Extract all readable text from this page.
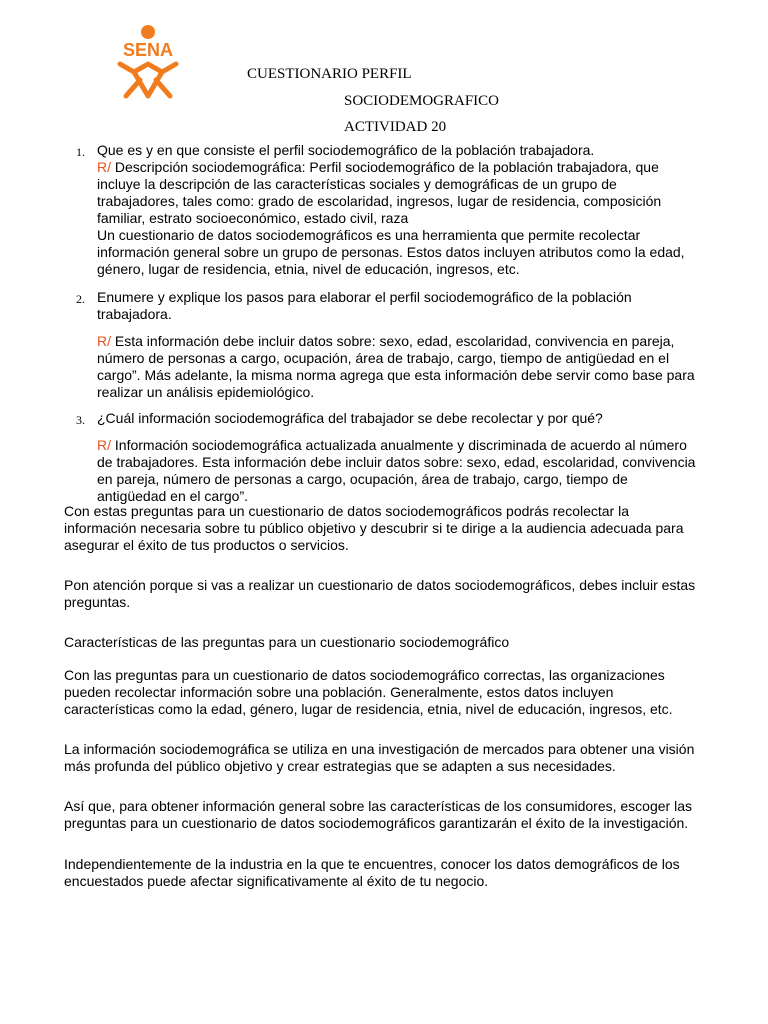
SENA
CUESTIONARIO PERFIL
SOCIODEMOGRAFICO
ACTIVIDAD 20
1. Que es y en que consiste el perfil sociodemográfico de la población trabajadora.

R/ Descripción sociodemográfica: Perfil sociodemográfico de la población trabajadora, que incluye la descripción de las características sociales y demográficas de un grupo de trabajadores, tales como: grado de escolaridad, ingresos, lugar de residencia, composición familiar, estrato socioeconómico, estado civil, raza

Un cuestionario de datos sociodemográficos es una herramienta que permite recolectar información general sobre un grupo de personas. Estos datos incluyen atributos como la edad, género, lugar de residencia, etnia, nivel de educación, ingresos, etc.

2. Enumere y explique los pasos para elaborar el perfil sociodemográfico de la población trabajadora.

R/ Esta información debe incluir datos sobre: sexo, edad, escolaridad, convivencia en pareja, número de personas a cargo, ocupación, área de trabajo, cargo, tiempo de antigüedad en el cargo”. Más adelante, la misma norma agrega que esta información debe servir como base para realizar un análisis epidemiológico.

3. ¿Cuál información sociodemográfica del trabajador se debe recolectar y por qué?

R/ Información sociodemográfica actualizada anualmente y discriminada de acuerdo al número de trabajadores. Esta información debe incluir datos sobre: sexo, edad, escolaridad, convivencia en pareja, número de personas a cargo, ocupación, área de trabajo, cargo, tiempo de antigüedad en el cargo”.

Con estas preguntas para un cuestionario de datos sociodemográficos podrás recolectar la información necesaria sobre tu público objetivo y descubrir si te dirige a la audiencia adecuada para asegurar el éxito de tus productos o servicios.

Pon atención porque si vas a realizar un cuestionario de datos sociodemográficos, debes incluir estas preguntas.

Características de las preguntas para un cuestionario sociodemográfico

Con las preguntas para un cuestionario de datos sociodemográfico correctas, las organizaciones pueden recolectar información sobre una población. Generalmente, estos datos incluyen características como la edad, género, lugar de residencia, etnia, nivel de educación, ingresos, etc.

La información sociodemográfica se utiliza en una investigación de mercados para obtener una visión más profunda del público objetivo y crear estrategias que se adapten a sus necesidades.

Así que, para obtener información general sobre las características de los consumidores, escoger las preguntas para un cuestionario de datos sociodemográficos garantizarán el éxito de la investigación.

Independientemente de la industria en la que te encuentres, conocer los datos demográficos de los encuestados puede afectar significativamente al éxito de tu negocio.
